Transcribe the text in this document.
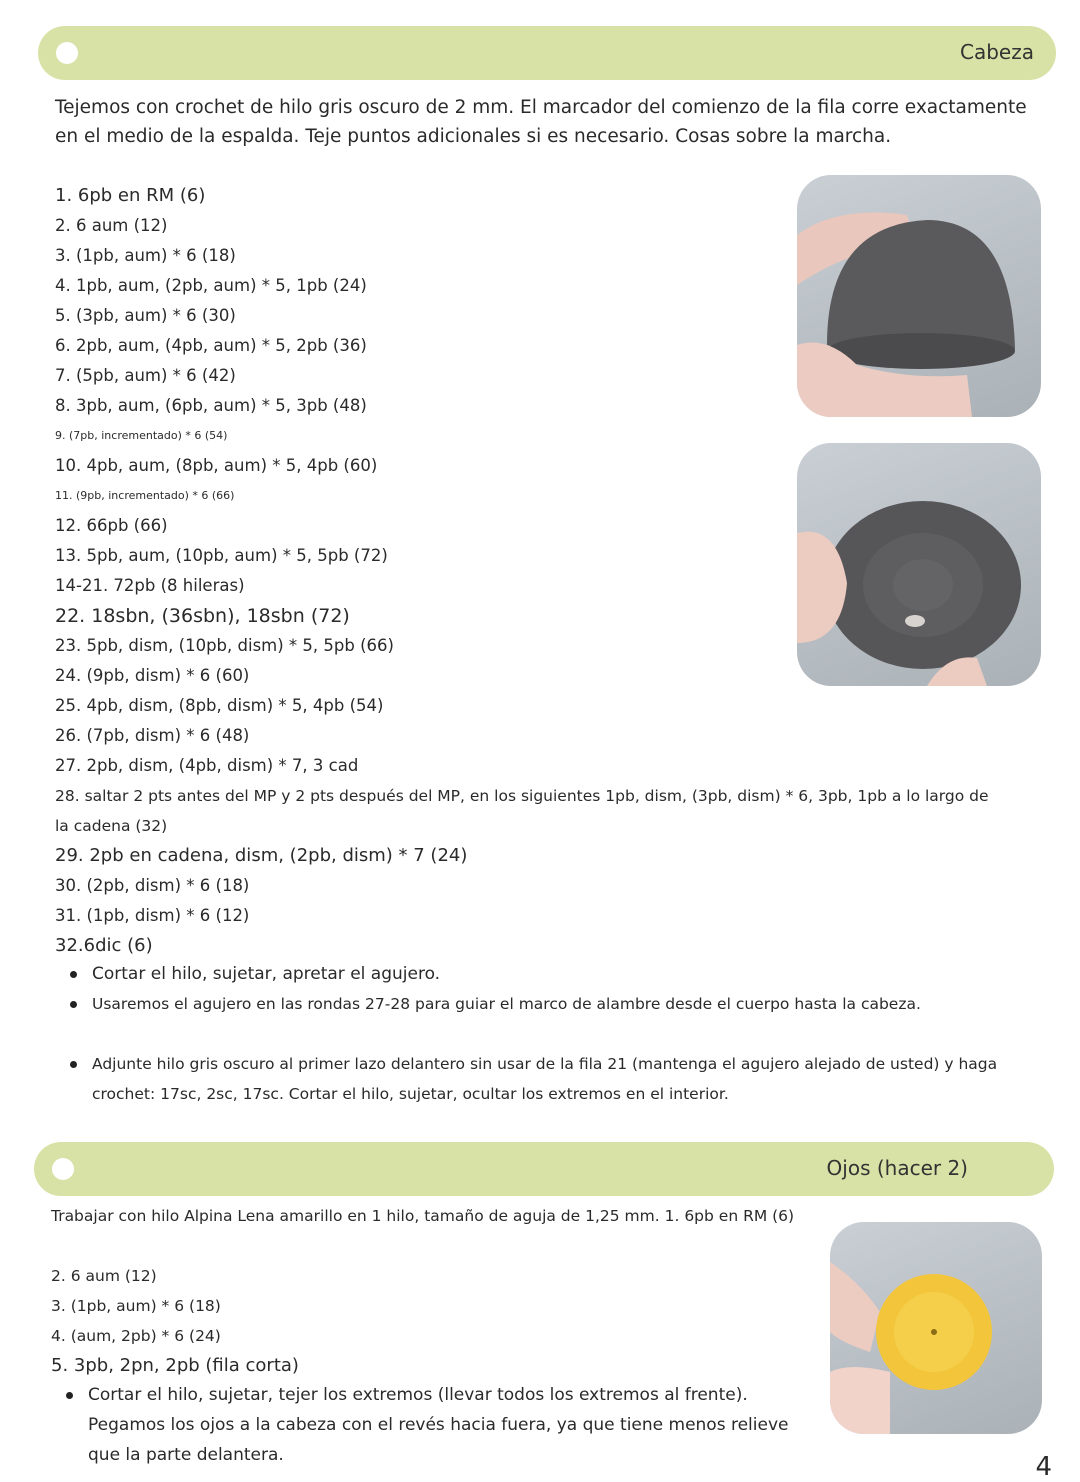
Cabeza
Tejemos con crochet de hilo gris oscuro de 2 mm. El marcador del comienzo de la fila corre exactamente en el medio de la espalda. Teje puntos adicionales si es necesario. Cosas sobre la marcha.
1. 6pb en RM (6)
2. 6 aum (12)
3. (1pb, aum) * 6 (18)
4. 1pb, aum, (2pb, aum) * 5, 1pb (24)
5. (3pb, aum) * 6 (30)
6. 2pb, aum, (4pb, aum) * 5, 2pb (36)
7. (5pb, aum) * 6 (42)
8. 3pb, aum, (6pb, aum) * 5, 3pb (48)
9. (7pb, incrementado) * 6 (54)
10. 4pb, aum, (8pb, aum) * 5, 4pb (60)
11. (9pb, incrementado) * 6 (66)
12. 66pb (66)
13. 5pb, aum, (10pb, aum) * 5, 5pb (72)
14-21. 72pb (8 hileras)
22. 18sbn, (36sbn), 18sbn (72)
23. 5pb, dism, (10pb, dism) * 5, 5pb (66)
24. (9pb, dism) * 6 (60)
25. 4pb, dism, (8pb, dism) * 5, 4pb (54)
26. (7pb, dism) * 6 (48)
27. 2pb, dism, (4pb, dism) * 7, 3 cad
28. saltar 2 pts antes del MP y 2 pts después del MP, en los siguientes 1pb, dism, (3pb, dism) * 6, 3pb, 1pb a lo largo de la cadena (32)
29. 2pb en cadena, dism, (2pb, dism) * 7 (24)
30. (2pb, dism) * 6 (18)
31. (1pb, dism) * 6 (12)
32.6dic (6)
Cortar el hilo, sujetar, apretar el agujero.
Usaremos el agujero en las rondas 27-28 para guiar el marco de alambre desde el cuerpo hasta la cabeza.
Adjunte hilo gris oscuro al primer lazo delantero sin usar de la fila 21 (mantenga el agujero alejado de usted) y haga crochet: 17sc, 2sc, 17sc. Cortar el hilo, sujetar, ocultar los extremos en el interior.
Ojos (hacer 2)
Trabajar con hilo Alpina Lena amarillo en 1 hilo, tamaño de aguja de 1,25 mm. 1. 6pb en RM (6)
2. 6 aum (12)
3. (1pb, aum) * 6 (18)
4. (aum, 2pb) * 6 (24)
5. 3pb, 2pn, 2pb (fila corta)
Cortar el hilo, sujetar, tejer los extremos (llevar todos los extremos al frente). Pegamos los ojos a la cabeza con el revés hacia fuera, ya que tiene menos relieve que la parte delantera.	4
